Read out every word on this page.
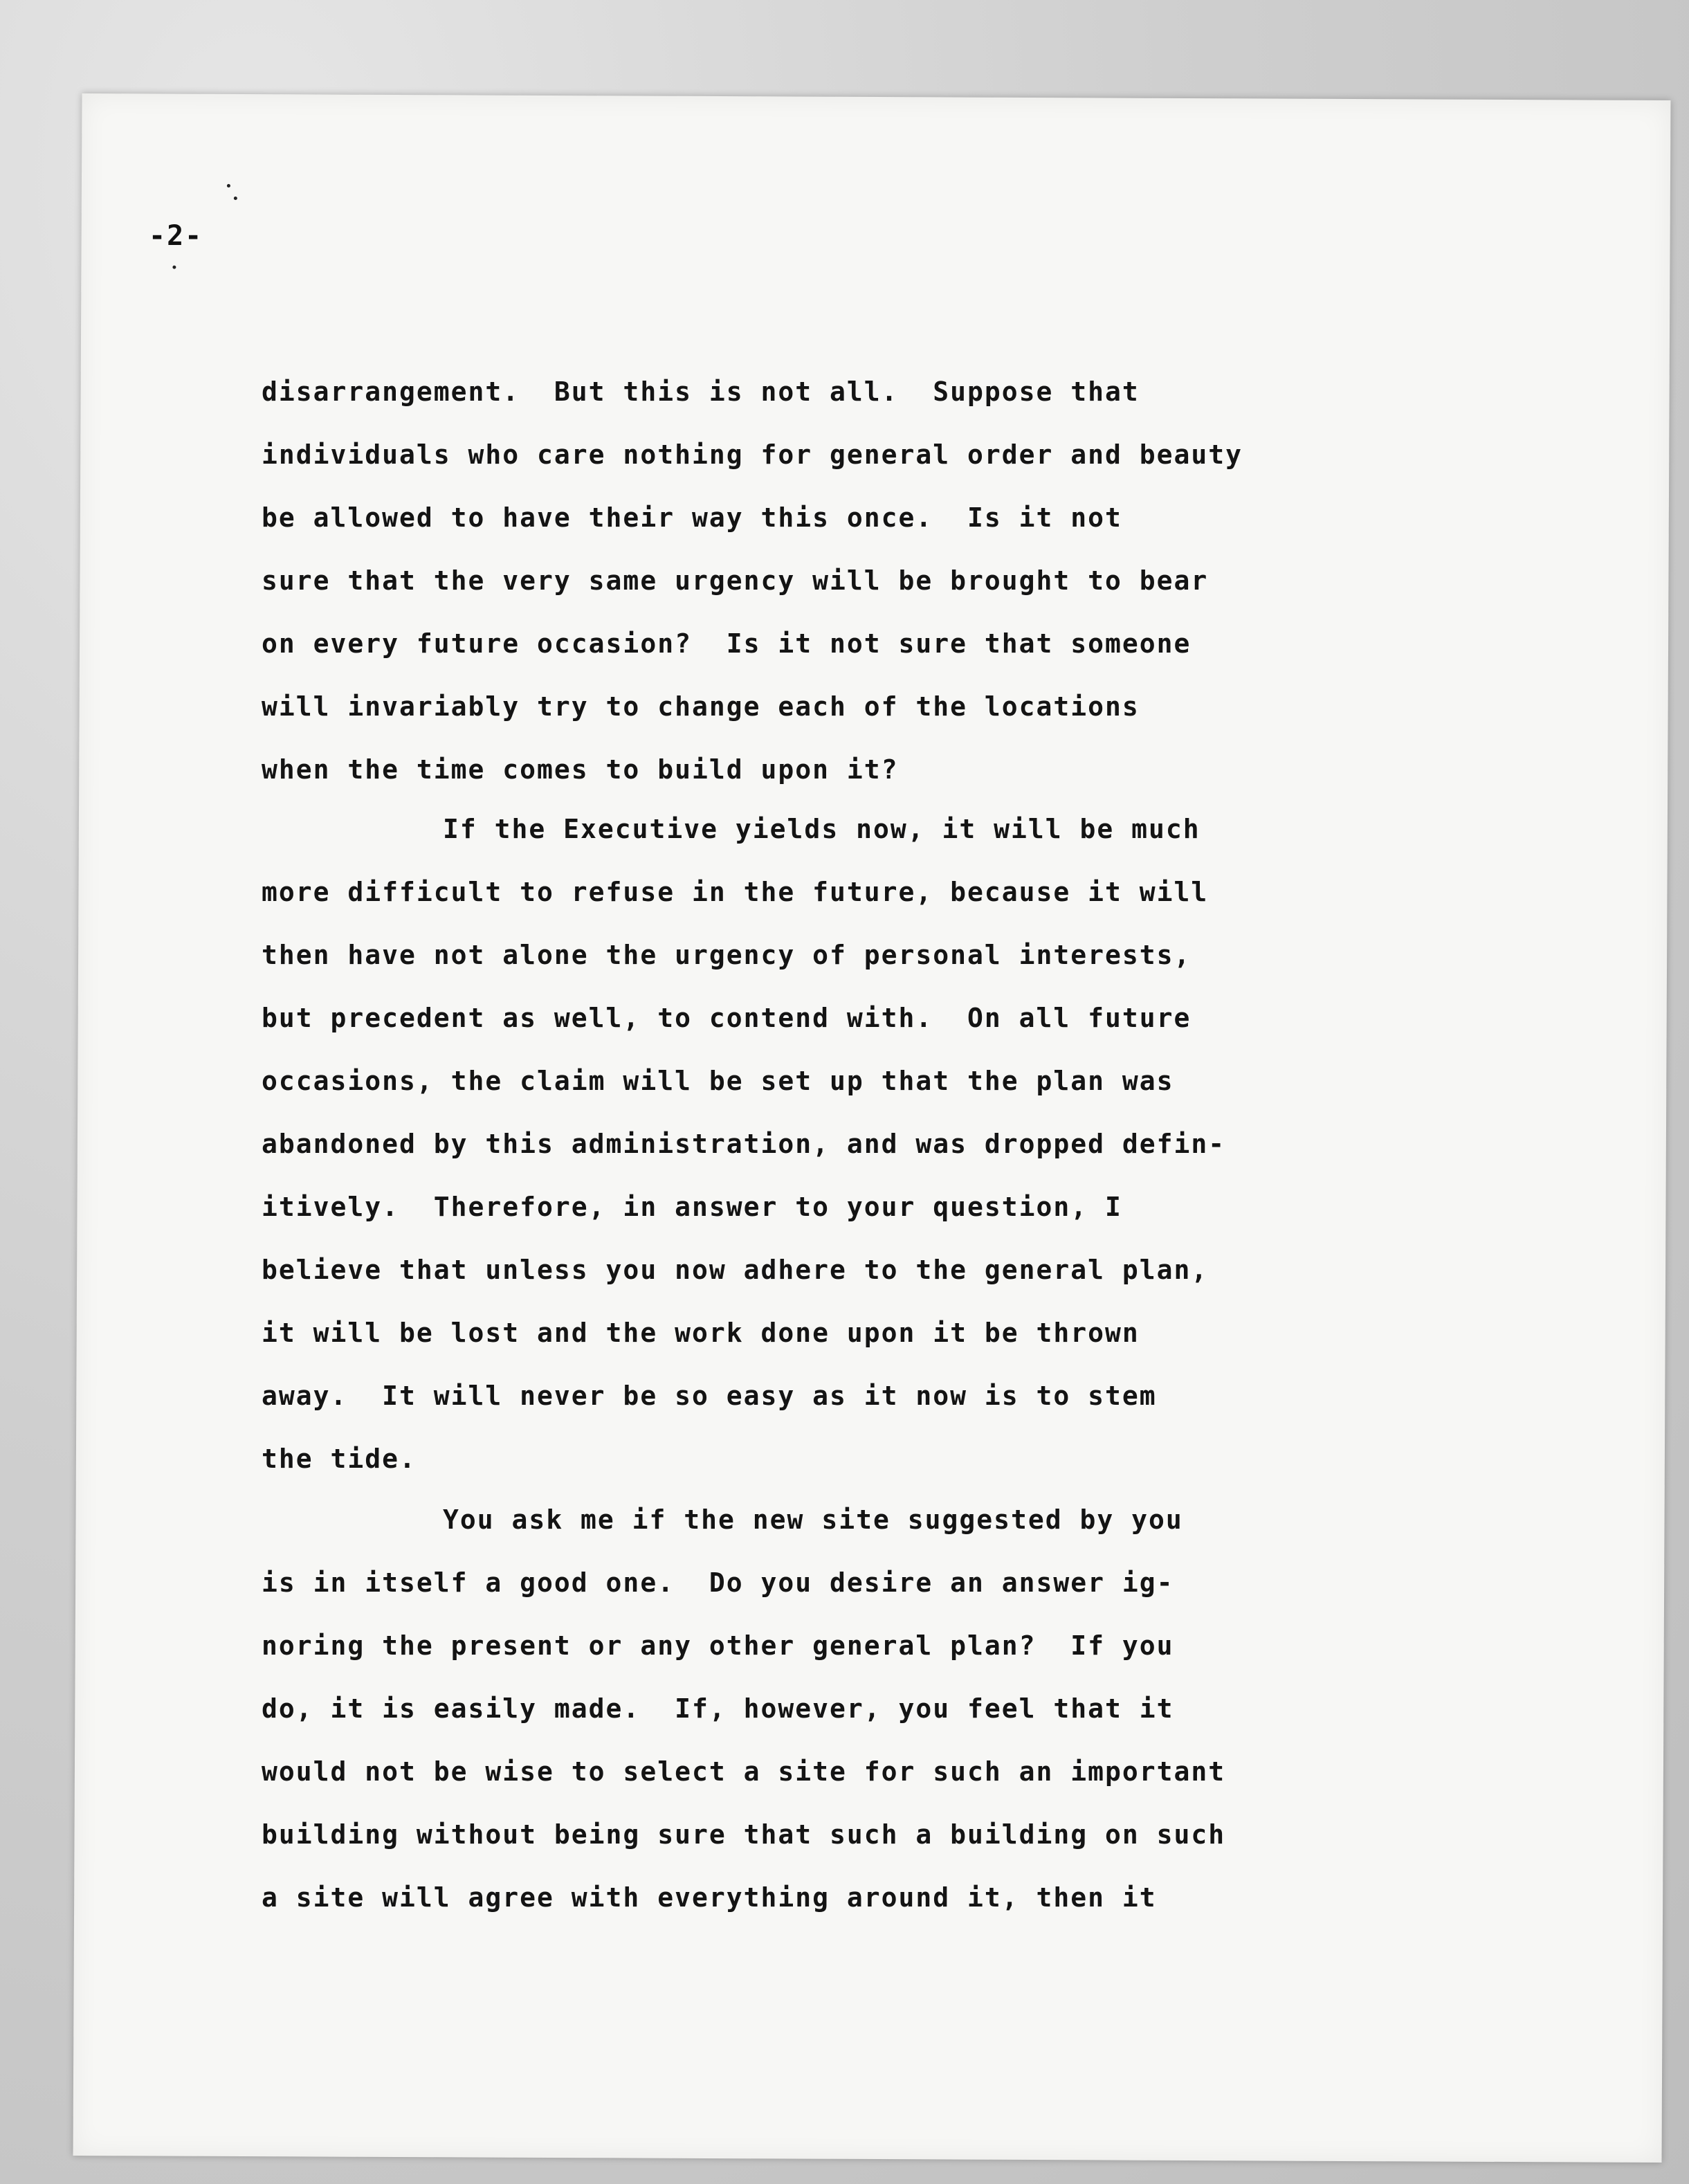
-2-
disarrangement.  But this is not all.  Suppose that
individuals who care nothing for general order and beauty
be allowed to have their way this once.  Is it not
sure that the very same urgency will be brought to bear
on every future occasion?  Is it not sure that someone
will invariably try to change each of the locations
when the time comes to build upon it?
If the Executive yields now, it will be much
more difficult to refuse in the future, because it will
then have not alone the urgency of personal interests,
but precedent as well, to contend with.  On all future
occasions, the claim will be set up that the plan was
abandoned by this administration, and was dropped defin-
itively.  Therefore, in answer to your question, I
believe that unless you now adhere to the general plan,
it will be lost and the work done upon it be thrown
away.  It will never be so easy as it now is to stem
the tide.
You ask me if the new site suggested by you
is in itself a good one.  Do you desire an answer ig-
noring the present or any other general plan?  If you
do, it is easily made.  If, however, you feel that it
would not be wise to select a site for such an important
building without being sure that such a building on such
a site will agree with everything around it, then it
